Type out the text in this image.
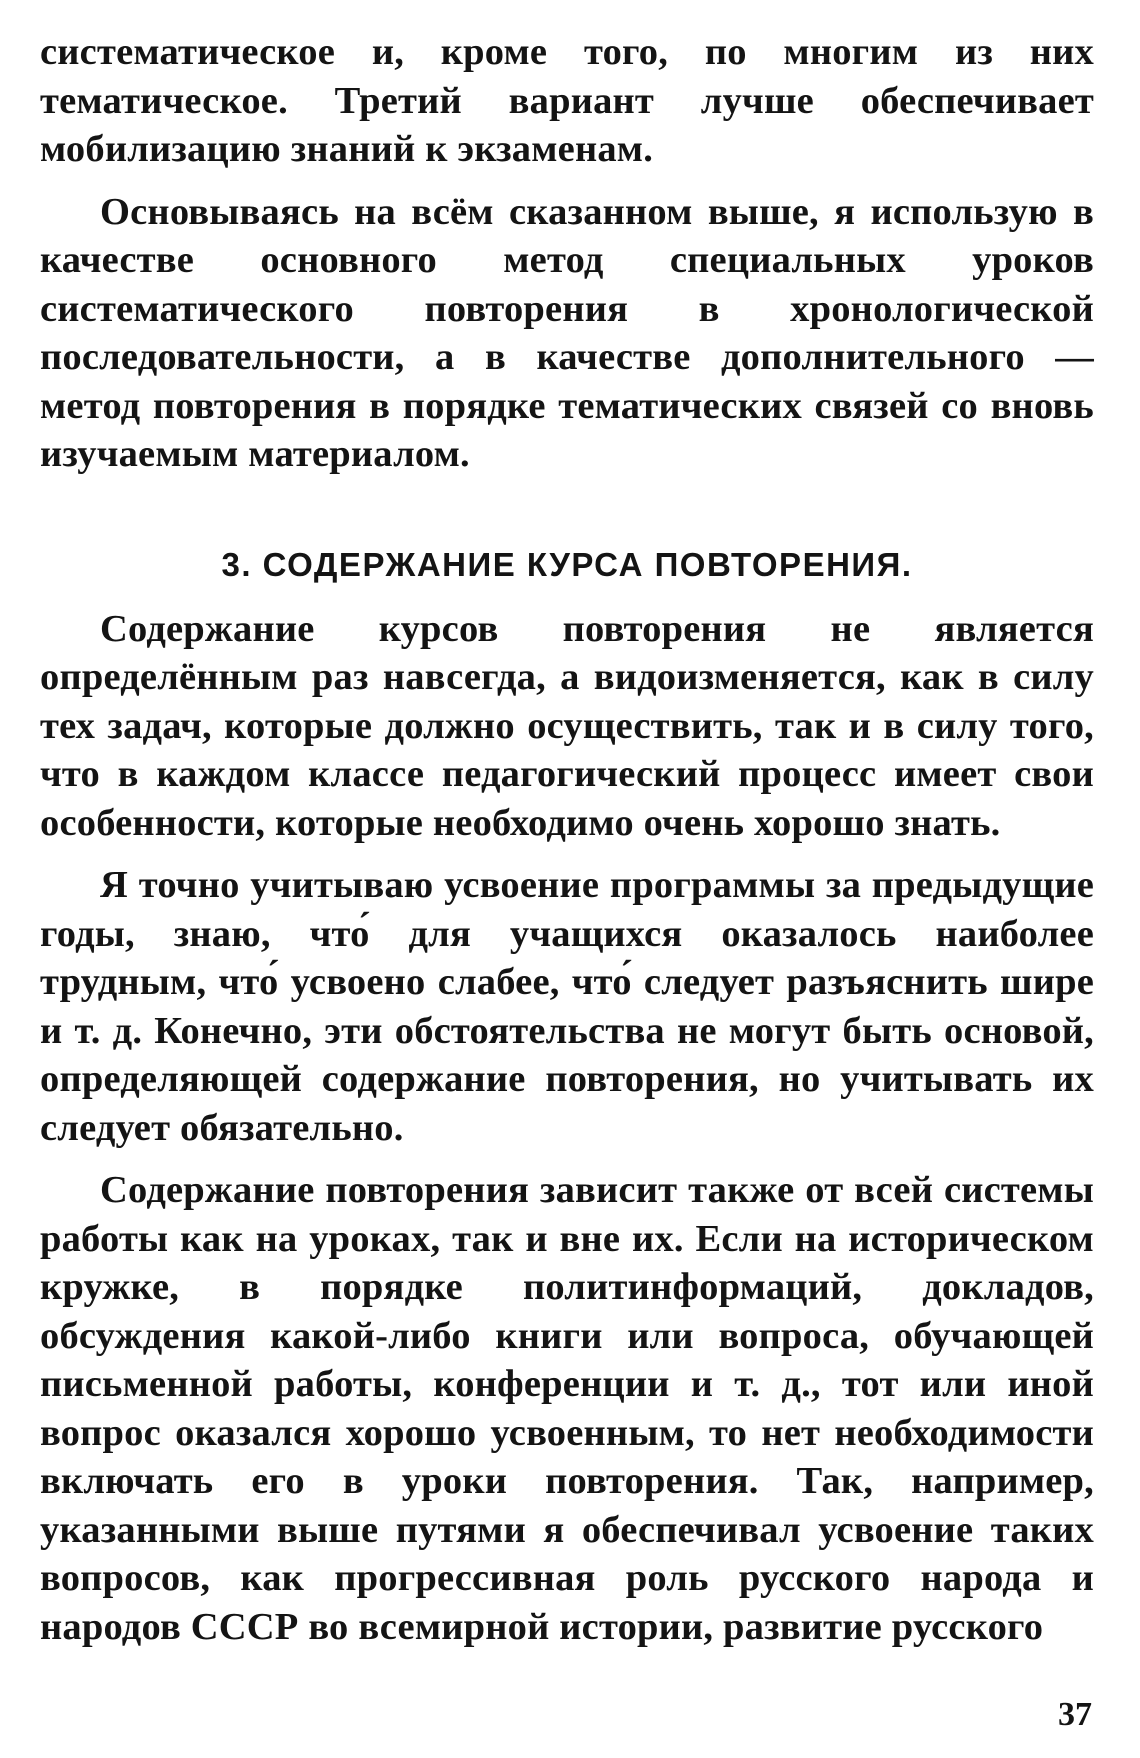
систематическое и, кроме того, по многим из них тематическое. Третий вариант лучше обеспечивает мобилизацию знаний к экзаменам.

Основываясь на всём сказанном выше, я использую в качестве основного метод специальных уроков систематического повторения в хронологической последовательности, а в качестве дополнительного — метод повторения в порядке тематических связей со вновь изучаемым материалом.

3. СОДЕРЖАНИЕ КУРСА ПОВТОРЕНИЯ.

Содержание курсов повторения не является определённым раз навсегда, а видоизменяется, как в силу тех задач, которые должно осуществить, так и в силу того, что в каждом классе педагогический процесс имеет свои особенности, которые необходимо очень хорошо знать.

Я точно учитываю усвоение программы за предыдущие годы, знаю, что́ для учащихся оказалось наиболее трудным, что́ усвоено слабее, что́ следует разъяснить шире и т. д. Конечно, эти обстоятельства не могут быть основой, определяющей содержание повторения, но учитывать их следует обязательно.

Содержание повторения зависит также от всей системы работы как на уроках, так и вне их. Если на историческом кружке, в порядке политинформаций, докладов, обсуждения какой-либо книги или вопроса, обучающей письменной работы, конференции и т. д., тот или иной вопрос оказался хорошо усвоенным, то нет необходимости включать его в уроки повторения. Так, например, указанными выше путями я обеспечивал усвоение таких вопросов, как прогрессивная роль русского народа и народов СССР во всемирной истории, развитие русского

37
